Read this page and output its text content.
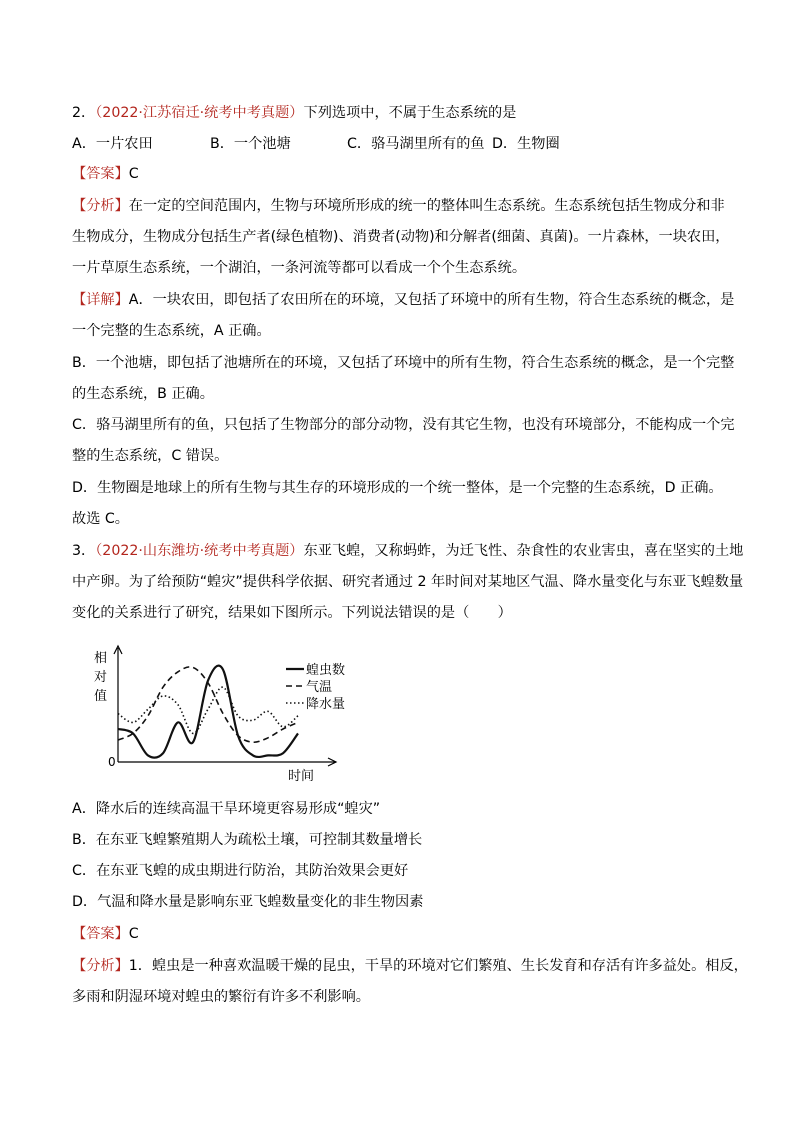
2．（2022·江苏宿迁·统考中考真题）下列选项中，不属于生态系统的是
A．一片农田	B．一个池塘	C．骆马湖里所有的鱼 D．生物圈
【答案】C
【分析】在一定的空间范围内，生物与环境所形成的统一的整体叫生态系统。生态系统包括生物成分和非
生物成分，生物成分包括生产者(绿色植物)、消费者(动物)和分解者(细菌、真菌)。一片森林，一块农田，
一片草原生态系统，一个湖泊，一条河流等都可以看成一个个生态系统。
【详解】A．一块农田，即包括了农田所在的环境，又包括了环境中的所有生物，符合生态系统的概念，是
一个完整的生态系统，A 正确。
B．一个池塘，即包括了池塘所在的环境，又包括了环境中的所有生物，符合生态系统的概念，是一个完整
的生态系统，B 正确。
C．骆马湖里所有的鱼，只包括了生物部分的部分动物，没有其它生物，也没有环境部分，不能构成一个完
整的生态系统，C 错误。
D．生物圈是地球上的所有生物与其生存的环境形成的一个统一整体，是一个完整的生态系统，D 正确。
故选 C。
3．（2022·山东潍坊·统考中考真题）东亚飞蝗，又称蚂蚱，为迁飞性、杂食性的农业害虫，喜在坚实的土地
中产卵。为了给预防“蝗灾”提供科学依据、研究者通过 2 年时间对某地区气温、降水量变化与东亚飞蝗数量
变化的关系进行了研究，结果如下图所示。下列说法错误的是（　　）
蝗虫数
气温
降水量
相
对
值
时间
0
A．降水后的连续高温干旱环境更容易形成“蝗灾”
B．在东亚飞蝗繁殖期人为疏松土壤，可控制其数量增长
C．在东亚飞蝗的成虫期进行防治，其防治效果会更好
D．气温和降水量是影响东亚飞蝗数量变化的非生物因素
【答案】C
【分析】1．蝗虫是一种喜欢温暖干燥的昆虫，干旱的环境对它们繁殖、生长发育和存活有许多益处。相反，
多雨和阴湿环境对蝗虫的繁衍有许多不利影响。
